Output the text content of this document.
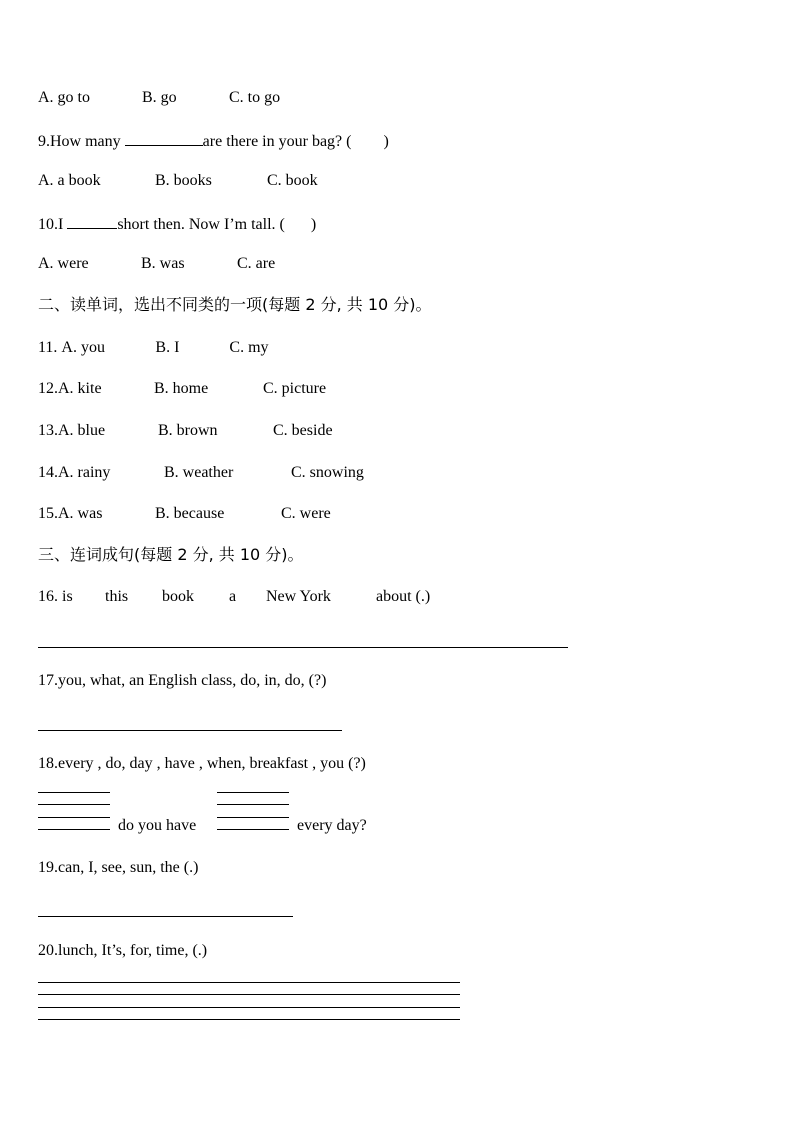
A. go to	B. go	C. to go
9.How many	are there in your bag? ( )
A. a book	B. books	C. book
10.I	short then. Now I’m tall. ( )
A. were	B. was	C. are
二、读单词，选出不同类的一项(每题 2 分, 共 10 分)。
11. A. you	B. I	C. my
12.A. kite	B. home	C. picture
13.A. blue	B. brown	C. beside
14.A. rainy	B. weather	C. snowing
15.A. was	B. because	C. were
三、连词成句(每题 2 分, 共 10 分)。
16. is this book a New York	about (.)
17.you, what, an English class, do, in, do, (?)
18.every , do, day , have , when, breakfast , you (?)
do you have	every day?
19.can, I, see, sun, the (.)
20.lunch, It’s, for, time, (.)
